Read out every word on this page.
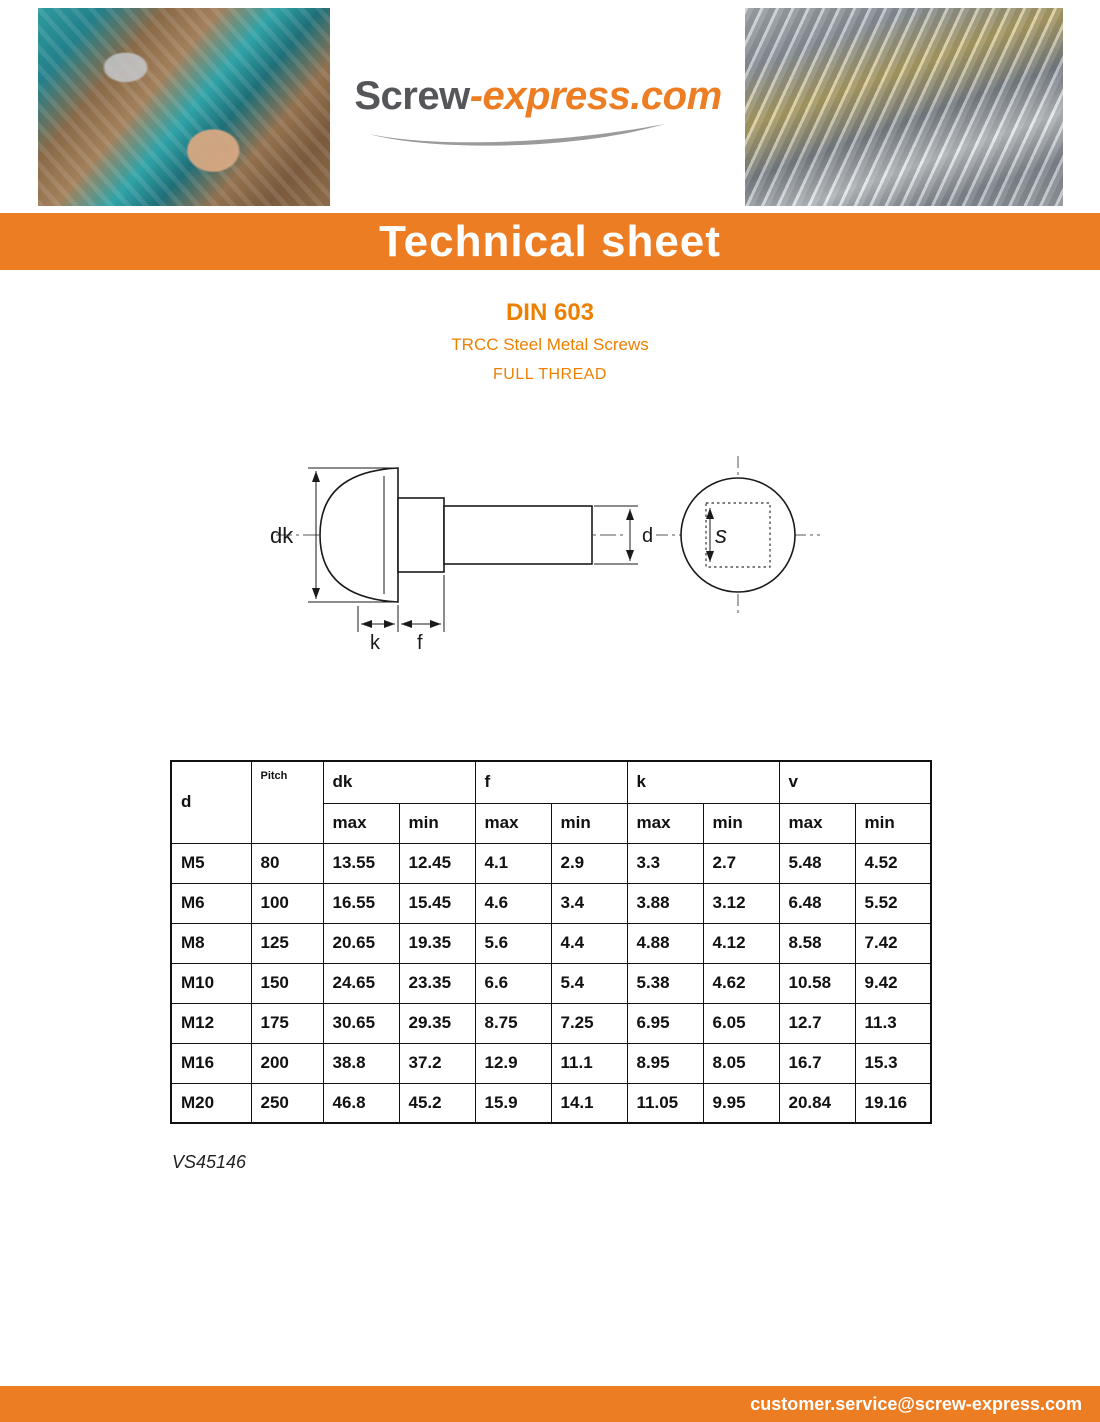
Screw-express.com
Technical sheet
DIN 603
TRCC Steel Metal Screws
FULL THREAD
dk	d
k f
s
d	Pitch	dk		f		k		v	
		max	min	max	min	max	min	max	min
M5	80	13.55	12.45	4.1	2.9	3.3	2.7	5.48	4.52
M6	100	16.55	15.45	4.6	3.4	3.88	3.12	6.48	5.52
M8	125	20.65	19.35	5.6	4.4	4.88	4.12	8.58	7.42
M10	150	24.65	23.35	6.6	5.4	5.38	4.62	10.58	9.42
M12	175	30.65	29.35	8.75	7.25	6.95	6.05	12.7	11.3
M16	200	38.8	37.2	12.9	11.1	8.95	8.05	16.7	15.3
M20	250	46.8	45.2	15.9	14.1	11.05	9.95	20.84	19.16
VS45146
customer.service@screw-express.com
